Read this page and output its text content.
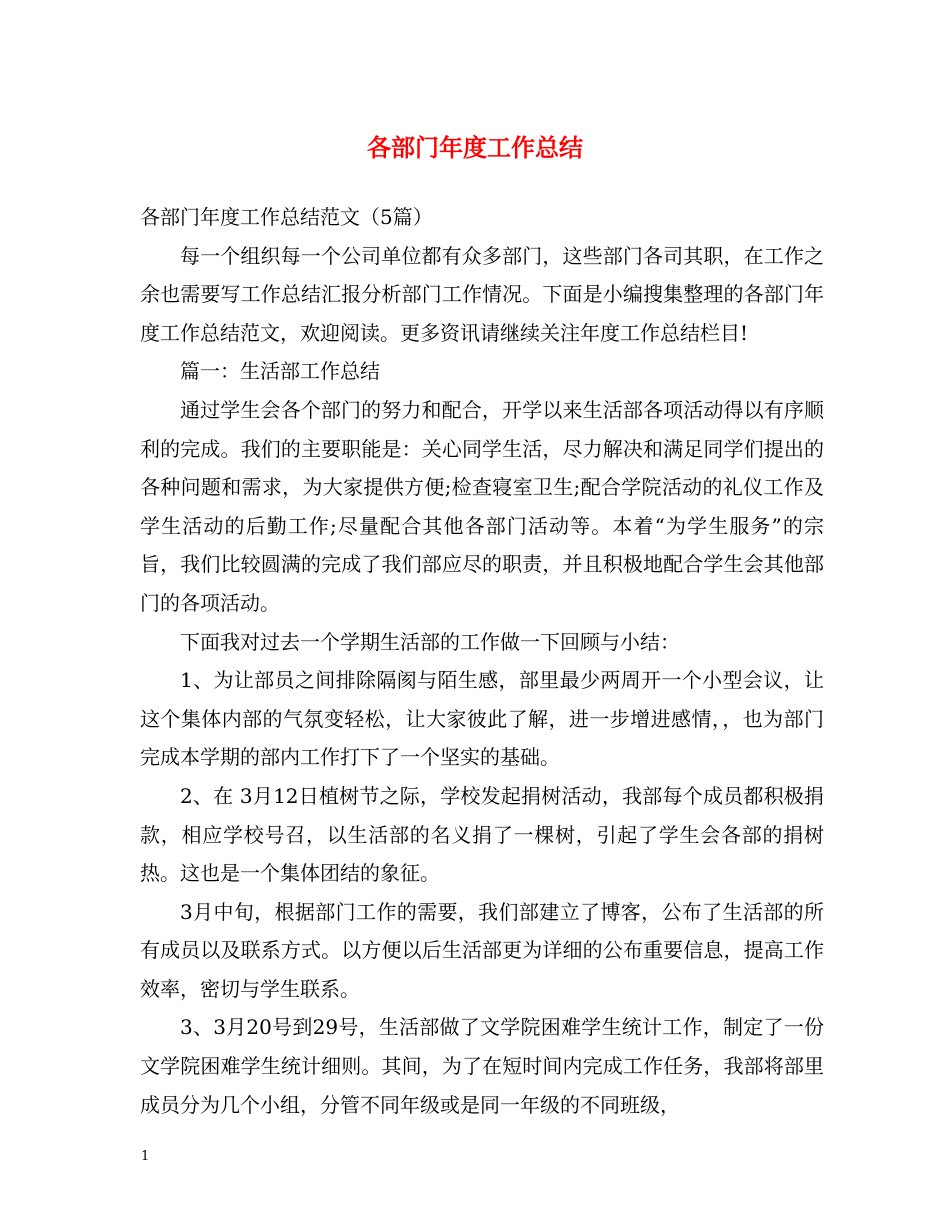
各部门年度工作总结

各部门年度工作总结范文（5篇）

每一个组织每一个公司单位都有众多部门，这些部门各司其职，在工作之余也需要写工作总结汇报分析部门工作情况。下面是小编搜集整理的各部门年度工作总结范文，欢迎阅读。更多资讯请继续关注年度工作总结栏目!

篇一：生活部工作总结

通过学生会各个部门的努力和配合，开学以来生活部各项活动得以有序顺利的完成。我们的主要职能是：关心同学生活，尽力解决和满足同学们提出的各种问题和需求，为大家提供方便;检查寝室卫生;配合学院活动的礼仪工作及学生活动的后勤工作;尽量配合其他各部门活动等。本着“为学生服务”的宗旨，我们比较圆满的完成了我们部应尽的职责，并且积极地配合学生会其他部门的各项活动。

下面我对过去一个学期生活部的工作做一下回顾与小结：

1、为让部员之间排除隔阂与陌生感，部里最少两周开一个小型会议，让这个集体内部的气氛变轻松，让大家彼此了解，进一步增进感情，，也为部门完成本学期的部内工作打下了一个坚实的基础。

2、在 3月12日植树节之际，学校发起捐树活动，我部每个成员都积极捐款，相应学校号召，以生活部的名义捐了一棵树，引起了学生会各部的捐树热。这也是一个集体团结的象征。

3月中旬，根据部门工作的需要，我们部建立了博客，公布了生活部的所有成员以及联系方式。以方便以后生活部更为详细的公布重要信息，提高工作效率，密切与学生联系。

3、3月20号到29号，生活部做了文学院困难学生统计工作，制定了一份文学院困难学生统计细则。其间，为了在短时间内完成工作任务，我部将部里成员分为几个小组，分管不同年级或是同一年级的不同班级，

1
